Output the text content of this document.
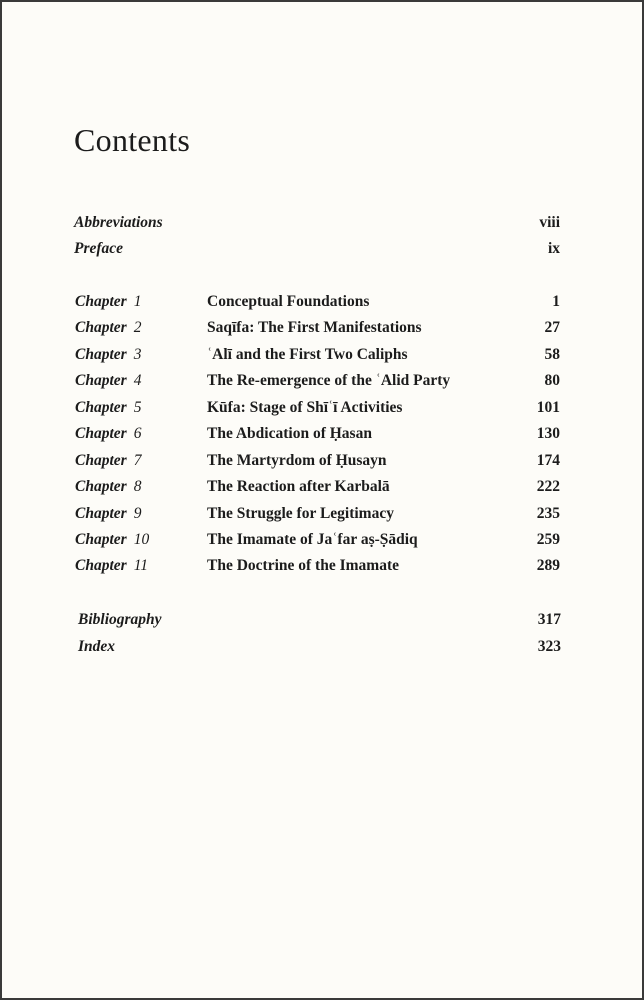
Contents
Abbreviations	viii
Preface	ix
Chapter 1	Conceptual Foundations	1
Chapter 2	Saqīfa: The First Manifestations	27
Chapter 3	ʿAlī and the First Two Caliphs	58
Chapter 4	The Re-emergence of the ʿAlid Party	80
Chapter 5	Kūfa: Stage of Shīʿī Activities	101
Chapter 6	The Abdication of Ḥasan	130
Chapter 7	The Martyrdom of Ḥusayn	174
Chapter 8	The Reaction after Karbalā	222
Chapter 9	The Struggle for Legitimacy	235
Chapter 10	The Imamate of Jaʿfar aṣ-Ṣādiq	259
Chapter 11	The Doctrine of the Imamate	289
Bibliography	317
Index	323
